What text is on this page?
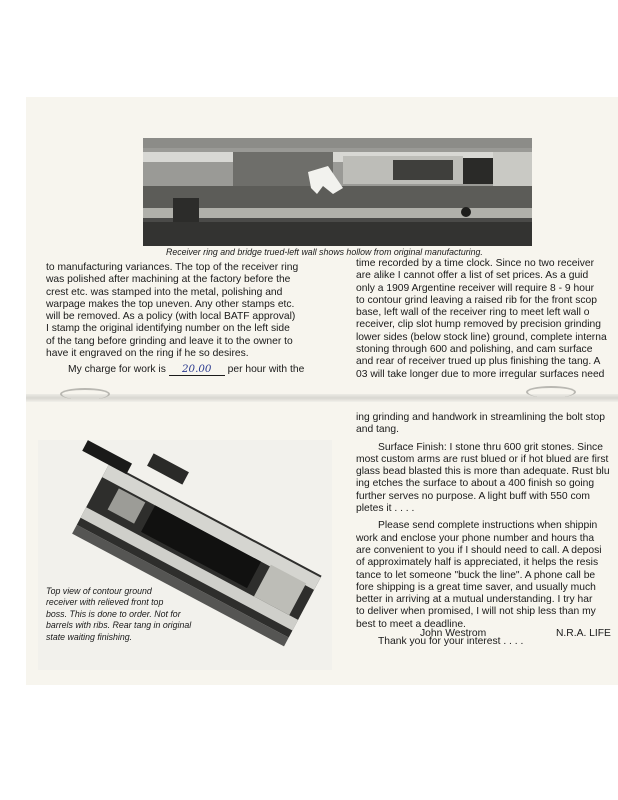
Receiver ring and bridge trued-left wall shows hollow from original manufacturing.

to manufacturing variances. The top of the receiver ring

was polished after machining at the factory before the

crest etc. was stamped into the metal, polishing and

warpage makes the top uneven. Any other stamps etc.

will be removed. As a policy (with local BATF approval)

I stamp the original identifying number on the left side

of the tang before grinding and leave it to the owner to

have it engraved on the ring if he so desires.

My charge for work is 20.00 per hour with the

time recorded by a time clock. Since no two receiver

are alike I cannot offer a list of set prices. As a guid

only a 1909 Argentine receiver will require 8 - 9 hour

to contour grind leaving a raised rib for the front scop

base, left wall of the receiver ring to meet left wall o

receiver, clip slot hump removed by precision grinding

lower sides (below stock line) ground, complete interna

stoning through 600 and polishing, and cam surface

and rear of receiver trued up plus finishing the tang. A

03 will take longer due to more irregular surfaces need

Top view of contour ground
receiver with relieved front top
boss. This is done to order. Not for
barrels with ribs. Rear tang in original
state waiting finishing.

ing grinding and handwork in streamlining the bolt stop

and tang.

Surface Finish: I stone thru 600 grit stones. Since

most custom arms are rust blued or if hot blued are first

glass bead blasted this is more than adequate. Rust blu

ing etches the surface to about a 400 finish so going

further serves no purpose. A light buff with 550 com

pletes it . . . .

Please send complete instructions when shippin

work and enclose your phone number and hours tha

are convenient to you if I should need to call. A deposi

of approximately half is appreciated, it helps the resis

tance to let someone "buck the line". A phone call be

fore shipping is a great time saver, and usually much

better in arriving at a mutual understanding. I try har

to deliver when promised, I will not ship less than my

best to meet a deadline.

Thank you for your interest . . . .

John Westrom	N.R.A. LIFE
